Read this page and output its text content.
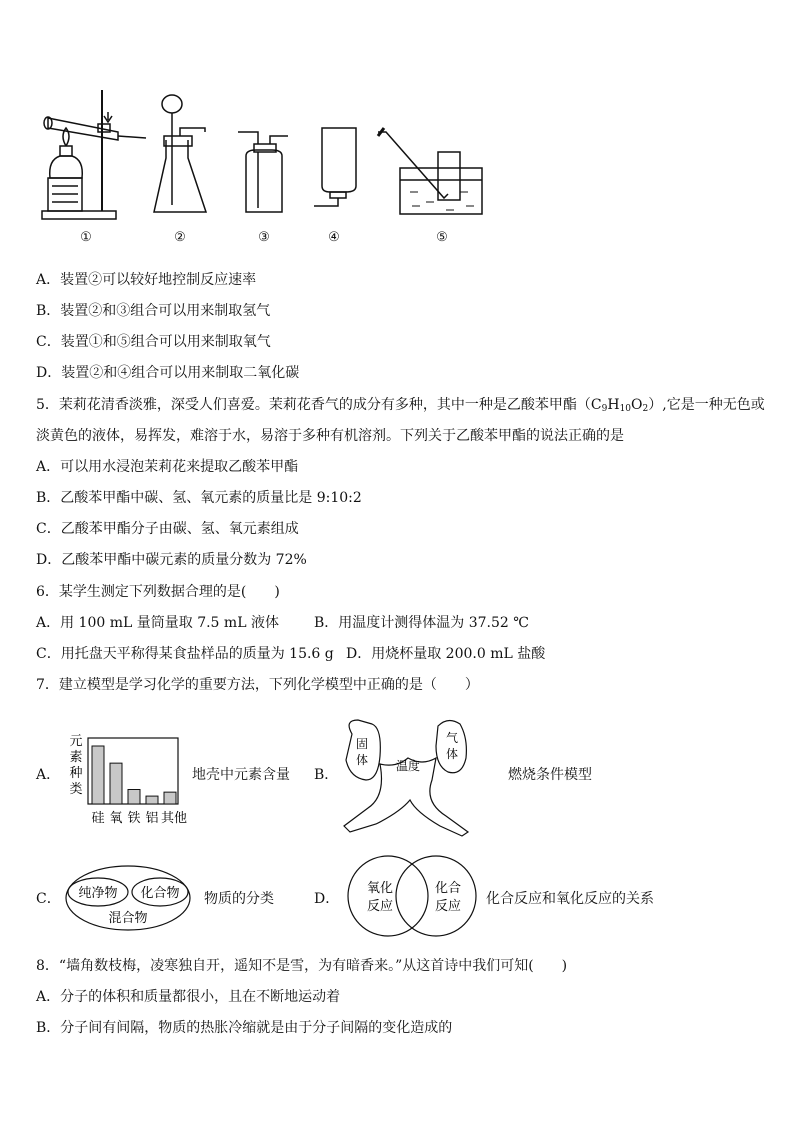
①	②	③	④	⑤
A．装置②可以较好地控制反应速率
B．装置②和③组合可以用来制取氢气
C．装置①和⑤组合可以用来制取氧气
D．装置②和④组合可以用来制取二氧化碳
5．茉莉花清香淡雅，深受人们喜爱。茉莉花香气的成分有多种，其中一种是乙酸苯甲酯$(C_9H_{10}O_2)$,它是一种无色或
淡黄色的液体，易挥发，难溶于水，易溶于多种有机溶剂。下列关于乙酸苯甲酯的说法正确的是
A．可以用水浸泡茉莉花来提取乙酸苯甲酯
B．乙酸苯甲酯中碳、氢、氧元素的质量比是 9:10:2
C．乙酸苯甲酯分子由碳、氢、氧元素组成
D．乙酸苯甲酯中碳元素的质量分数为 72%
6．某学生测定下列数据合理的是(　　)
A．用 100 mL 量筒量取 7.5 mL 液体	B．用温度计测得体温为 37.52 ℃
C．用托盘天平称得某食盐样品的质量为 15.6 g D．用烧杯量取 200.0 mL 盐酸
7．建立模型是学习化学的重要方法，下列化学模型中正确的是（　　）
A．
元
素
种
类
硅 氧 铁 铝 其他
地壳中元素含量 B．
固
体
气
体
温度
燃烧条件模型
C． 纯净物 化合物
混合物
物质的分类	D．
氧化
反应
化合
反应 化合反应和氧化反应的关系
8．“墙角数枝梅，凌寒独自开，遥知不是雪，为有暗香来。”从这首诗中我们可知(　　)
A．分子的体积和质量都很小，且在不断地运动着
B．分子间有间隔，物质的热胀冷缩就是由于分子间隔的变化造成的
